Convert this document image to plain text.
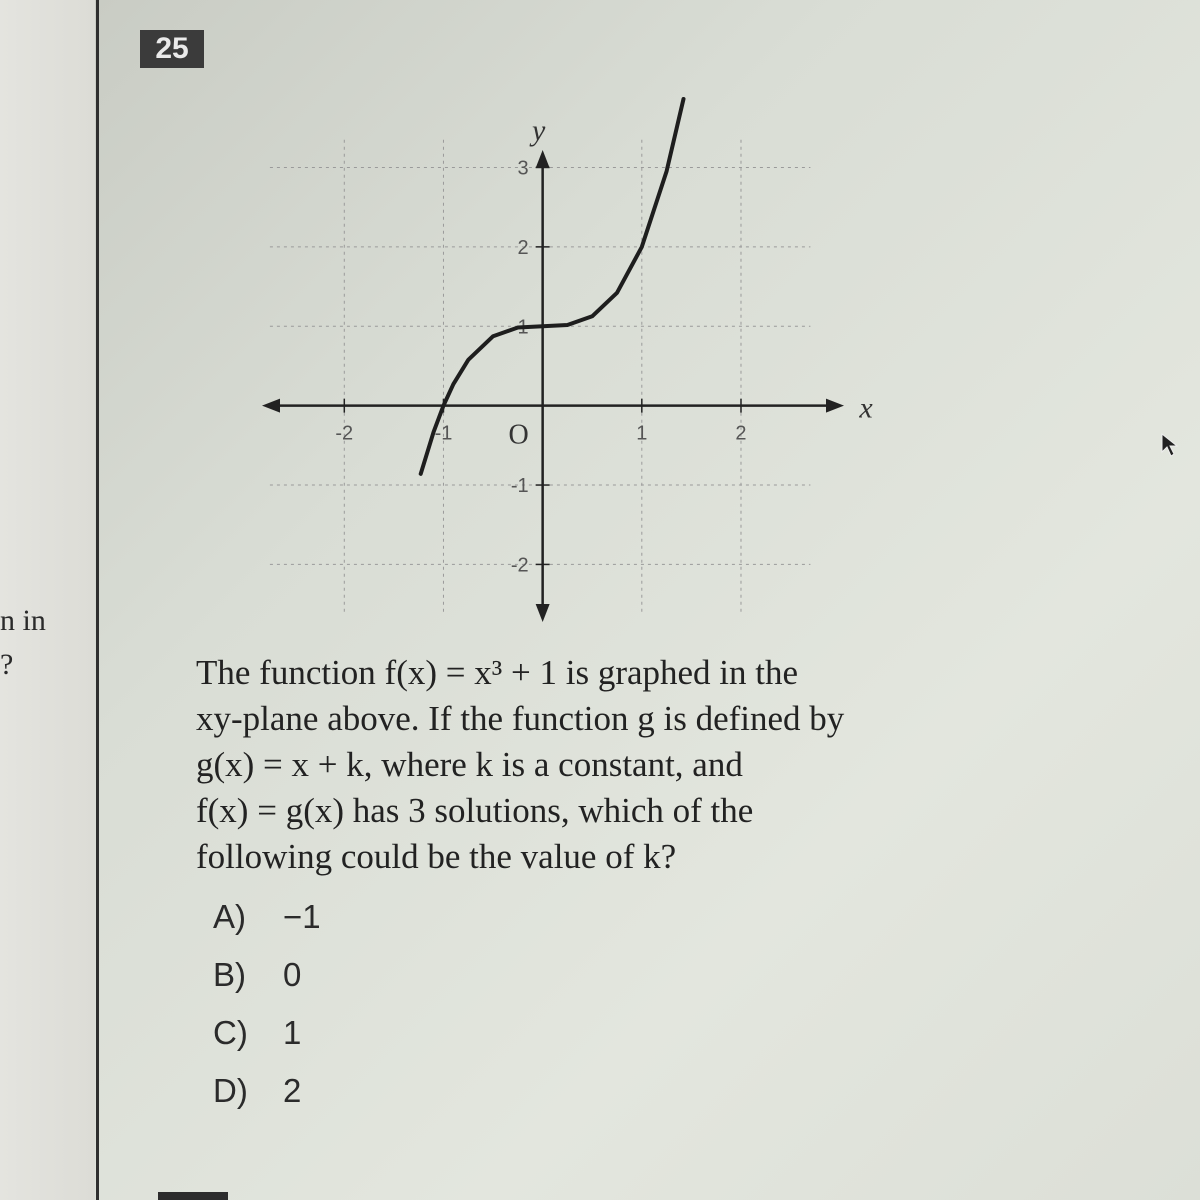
n in
?
25
-2	-1	1	2
3
2
1
-1
-2
O
x
y
The function f(x) = x³ + 1 is graphed in the
xy-plane above. If the function g is defined by
g(x) = x + k, where k is a constant, and
f(x) = g(x) has 3 solutions, which of the
following could be the value of k?
A)	−1
B)	0
C)	1
D)	2
